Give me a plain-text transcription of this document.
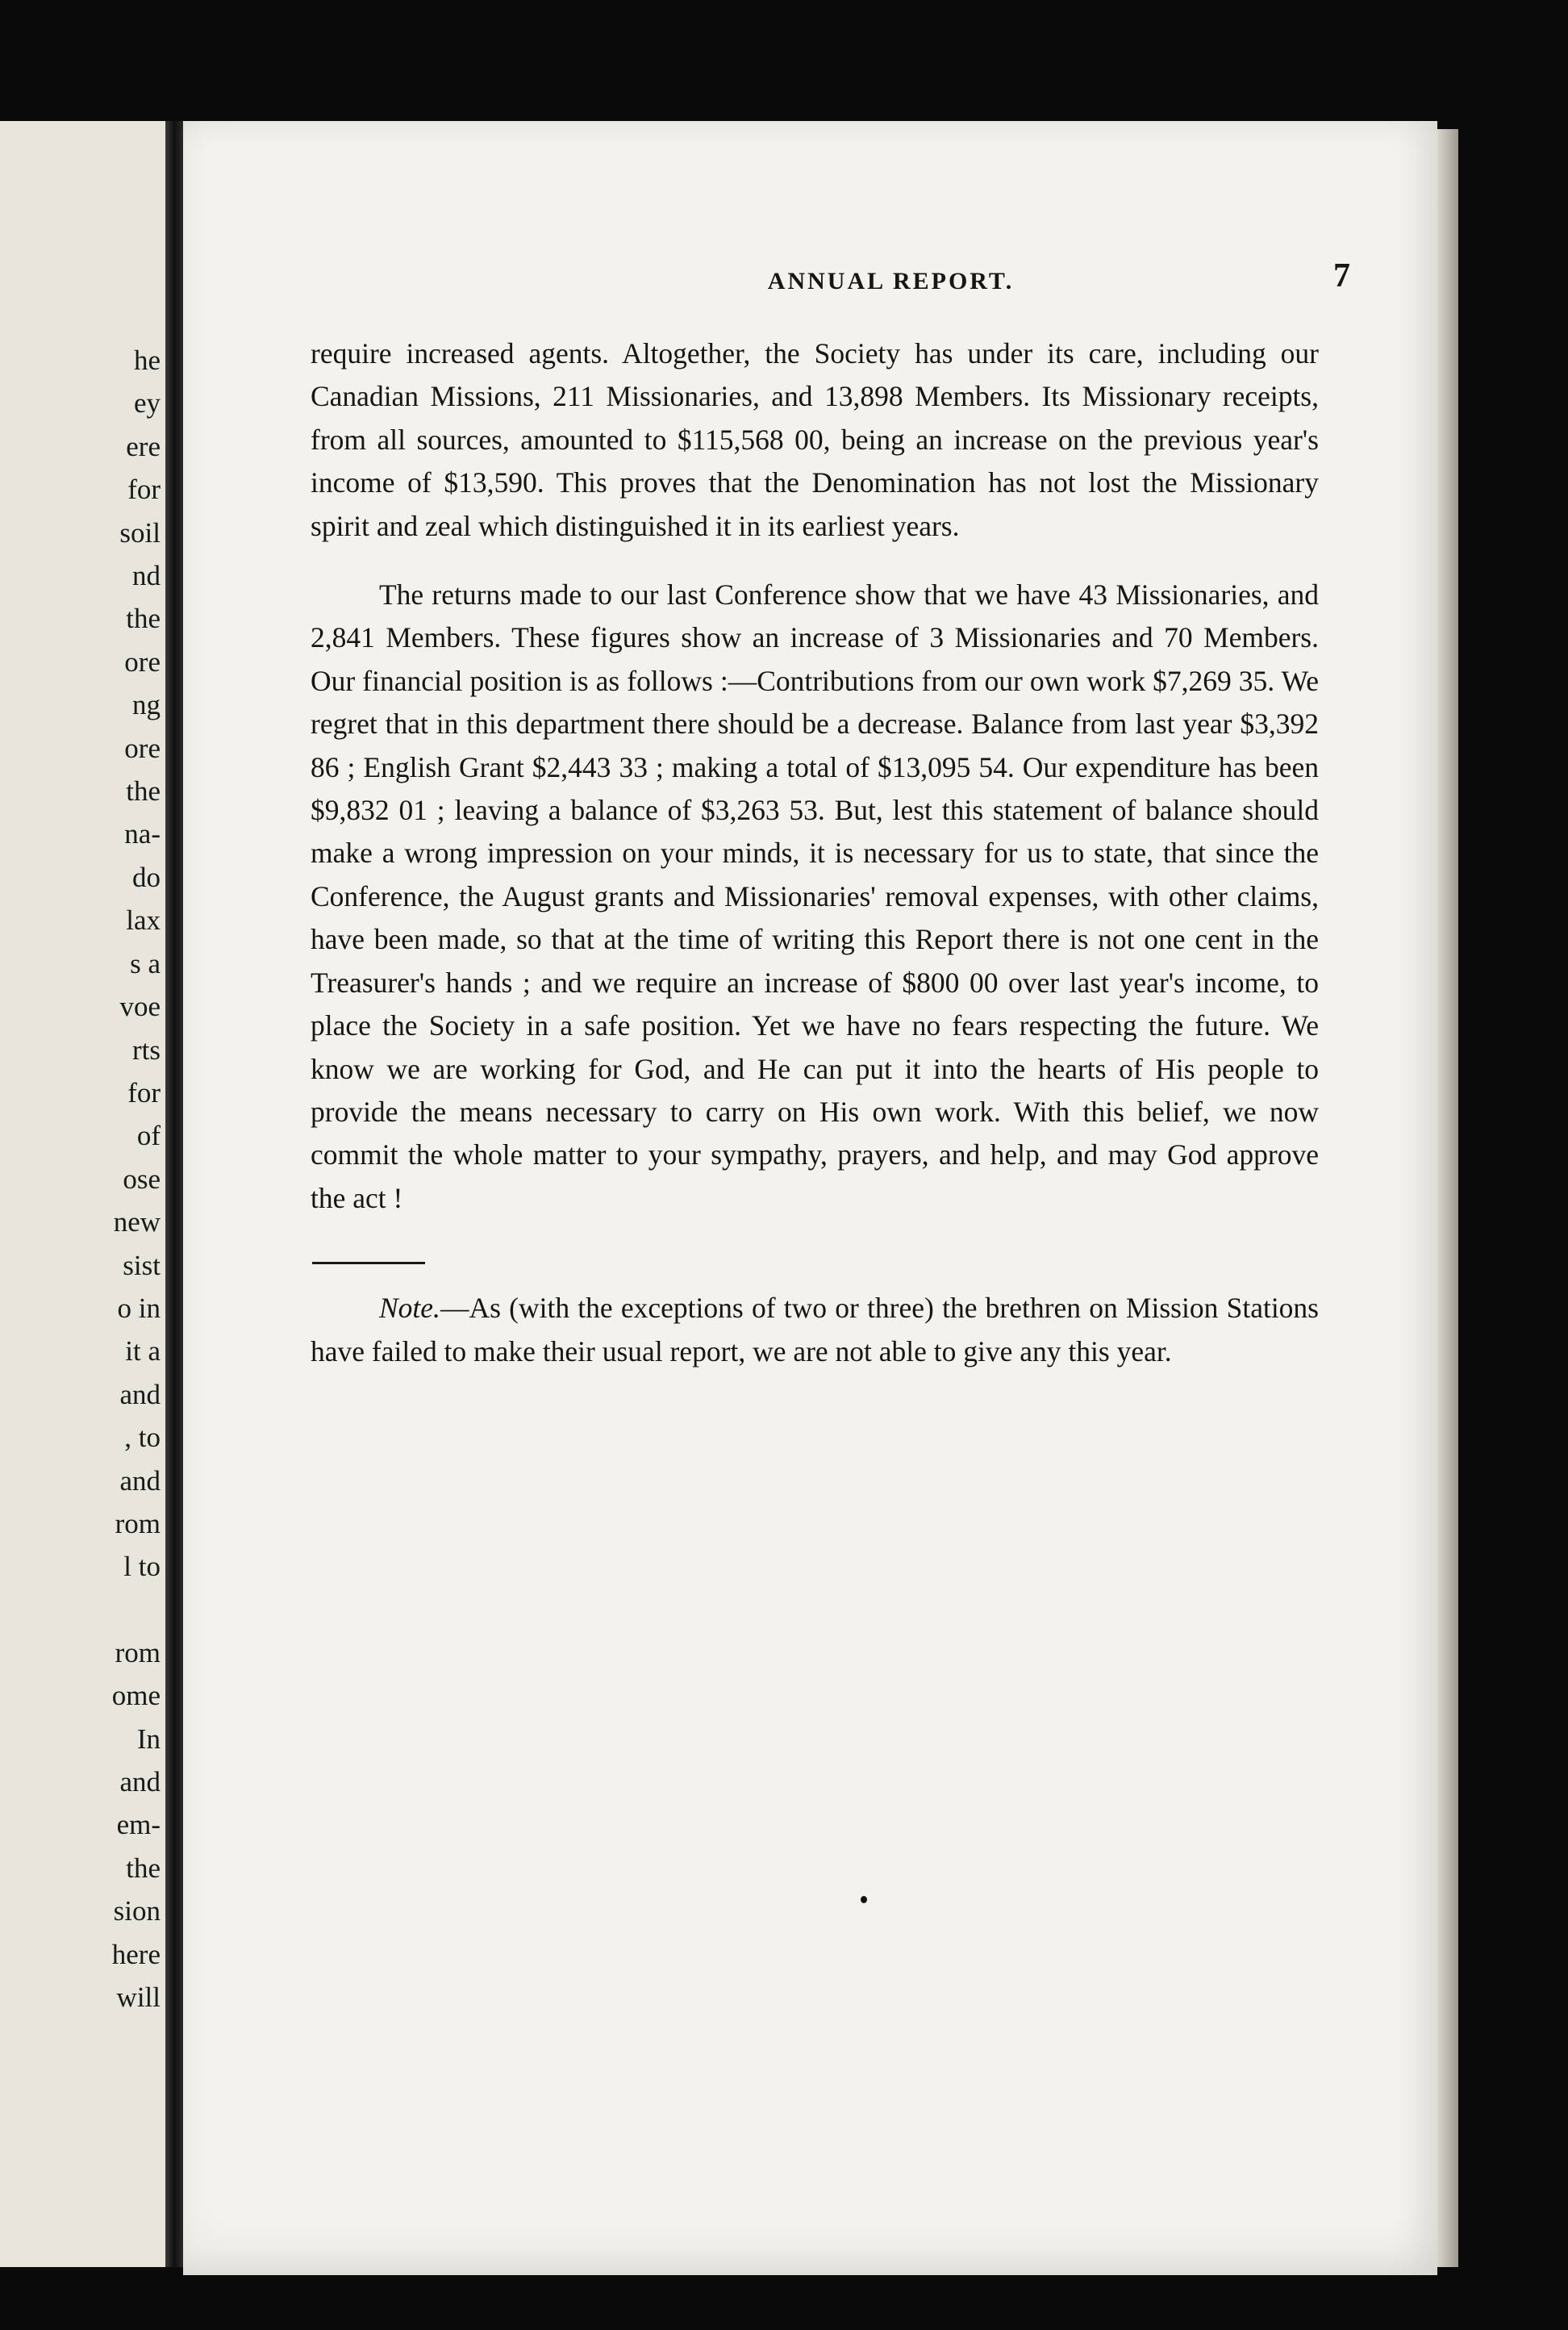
he
ey
ere
for
soil
nd
the
ore
ng
ore
the
na-
do
lax
s a
voe
rts
for
of
ose
new
sist
o in
it a
and
, to
and
rom
l to

rom
ome
In
and
em-
the
sion
here
will
ANNUAL REPORT.	7

require increased agents. Altogether, the Society has under its care, including our Canadian Missions, 211 Missionaries, and 13,898 Members. Its Missionary receipts, from all sources, amounted to $115,568 00, being an increase on the previous year's income of $13,590. This proves that the Denomination has not lost the Missionary spirit and zeal which distinguished it in its earliest years.

The returns made to our last Conference show that we have 43 Missionaries, and 2,841 Members. These figures show an increase of 3 Missionaries and 70 Members. Our financial position is as follows :—Contributions from our own work $7,269 35. We regret that in this department there should be a decrease. Balance from last year $3,392 86 ; English Grant $2,443 33 ; making a total of $13,095 54. Our expenditure has been $9,832 01 ; leaving a balance of $3,263 53. But, lest this statement of balance should make a wrong impression on your minds, it is necessary for us to state, that since the Conference, the August grants and Missionaries' removal expenses, with other claims, have been made, so that at the time of writing this Report there is not one cent in the Treasurer's hands ; and we require an increase of $800 00 over last year's income, to place the Society in a safe position. Yet we have no fears respecting the future. We know we are working for God, and He can put it into the hearts of His people to provide the means necessary to carry on His own work. With this belief, we now commit the whole matter to your sympathy, prayers, and help, and may God approve the act !

Note.—As (with the exceptions of two or three) the brethren on Mission Stations have failed to make their usual report, we are not able to give any this year.
